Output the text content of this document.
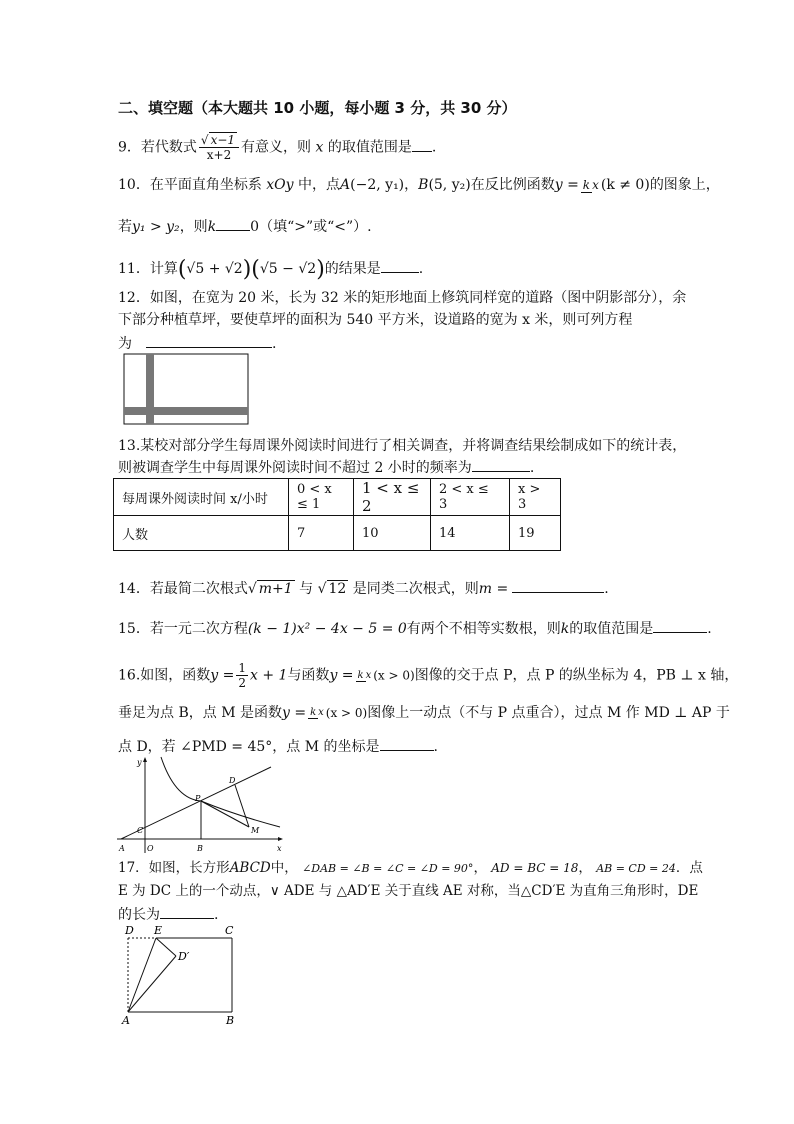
二、填空题（本大题共 10 小题，每小题 3 分，共 30 分）
9．若代数式 $\frac{√ x-1}{x+2}$ 有意义，则 x 的取值范围是 .
10．在平面直角坐标系 xOy 中，点A(−2, y₁)，B(5, y₂)在反比例函数y = k x (k ≠ 0)的图象上，
若y₁ > y₂，则k 0（填“>”或“<”）.
11．计算(√5 + √2)(√5 − √2)的结果是	.
12．如图，在宽为 20 米，长为 32 米的矩形地面上修筑同样宽的道路（图中阴影部分），余
下部分种植草坪，要使草坪的面积为 540 平方米，设道路的宽为 x 米，则可列方程
为	.
13.某校对部分学生每周课外阅读时间进行了相关调查，并将调查结果绘制成如下的统计表，
则被调查学生中每周课外阅读时间不超过 2 小时的频率为	.
每周课外阅读时间 x/小时	0 < x ≤ 1	1 < x ≤ 2	2 < x ≤ 3	x > 3
人数	7	10	14	19
14．若最简二次根式√ m+1 与 √ 12 是同类二次根式，则m =	.
15．若一元二次方程(k − 1)x² − 4x − 5 = 0有两个不相等实数根，则k的取值范围是	.
16.如图，函数$y = \frac{1}{2}$ x + 1与函数y = k x (x > 0)图像的交于点 P，点 P 的纵坐标为 4，PB ⊥ x 轴，
垂足为点 B，点 M 是函数y = k x (x > 0)图像上一动点（不与 P 点重合），过点 M 作 MD ⊥ AP 于
点 D，若 ∠PMD = 45°，点 M 的坐标是	.
y
x
A	O
C
B
P
D
M
17．如图，长方形ABCD中， ∠DAB = ∠B = ∠C = ∠D = 90°， AD = BC = 18， AB = CD = 24．点
E 为 DC 上的一个动点，∨ ADE 与 △AD′E 关于直线 AE 对称，当△CD′E 为直角三角形时，DE
的长为	.
D E	C
D′
A	B
